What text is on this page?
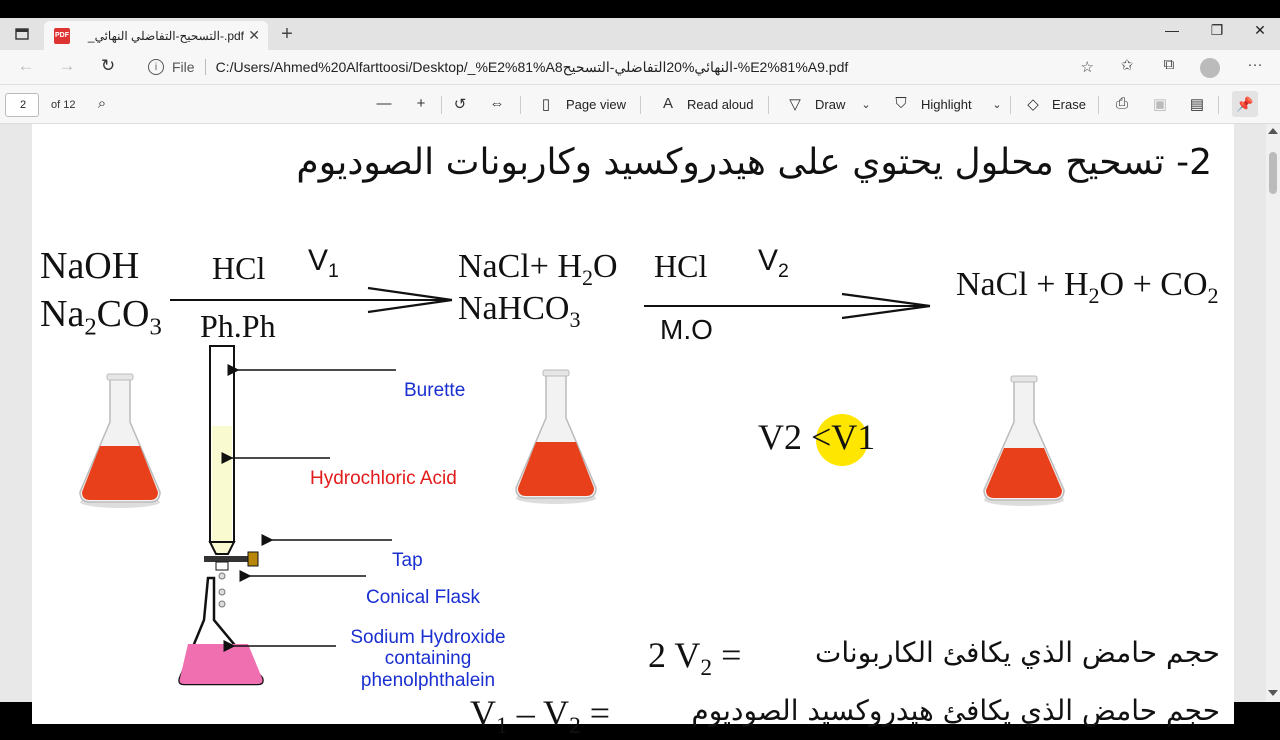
PDF pdf.-التسحيح-التفاضلي النهائي_ ✕ +	—	❐	✕
← → ↻	i	File C:/Users/Ahmed%20Alfarttoosi/Desktop/_%E2%81%A8النهائي%20التفاضلي-التسحيح-%E2%81%A9.pdf	☆	✩	⧉	···
2	of 12	⌕	—	+	↺ ⇔	▯	Page view	A	Read aloud ▽	Draw	⌄	⛉	Highlight	⌄	◇	Erase ⎙ ▣ ▤	📌
2- تسحيح محلول يحتوي على هيدروكسيد وكاربونات الصوديوم
NaOH
$Na_2CO_3$
HCl $V_1$
Ph.Ph
NaCl+ $H_2O$
NaHCO$_3$
HCl $V_2$
M.O
NaCl + $H_2O + CO_2$
V2 <V1
Burette
Hydrochloric Acid
Tap
Conical Flask
Sodium Hydroxide
containing
phenolphthalein
2 $V_2$ =	حجم حامض الذي يكافئ الكاربونات
$V_1 - V_2$ =	حجم حامض الذي يكافئ هيدروكسيد الصوديوم
